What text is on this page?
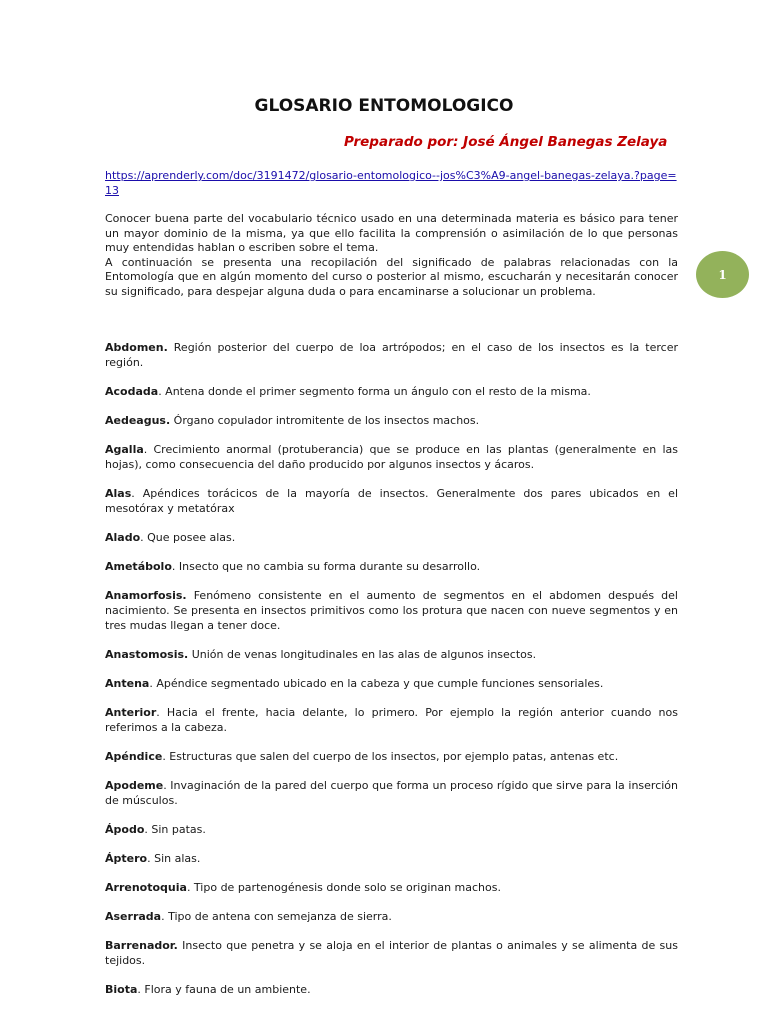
GLOSARIO ENTOMOLOGICO
Preparado por: José Ángel Banegas Zelaya
https://aprenderly.com/doc/3191472/glosario-entomologico--jos%C3%A9-angel-banegas-zelaya.?page=13

Conocer buena parte del vocabulario técnico usado en una determinada materia es básico para tener un mayor dominio de la misma, ya que ello facilita la comprensión o asimilación de lo que personas muy entendidas hablan o escriben sobre el tema.

A continuación se presenta una recopilación del significado de palabras relacionadas con la Entomología que en algún momento del curso o posterior al mismo, escucharán y necesitarán conocer su significado, para despejar alguna duda o para encaminarse a solucionar un problema.

1

Abdomen. Región posterior del cuerpo de loa artrópodos; en el caso de los insectos es la tercer región.

Acodada. Antena donde el primer segmento forma un ángulo con el resto de la misma.

Aedeagus. Órgano copulador intromitente de los insectos machos.

Agalla. Crecimiento anormal (protuberancia) que se produce en las plantas (generalmente en las hojas), como consecuencia del daño producido por algunos insectos y ácaros.

Alas. Apéndices torácicos de la mayoría de insectos. Generalmente dos pares ubicados en el mesotórax y metatórax

Alado. Que posee alas.

Ametábolo. Insecto que no cambia su forma durante su desarrollo.

Anamorfosis. Fenómeno consistente en el aumento de segmentos en el abdomen después del nacimiento. Se presenta en insectos primitivos como los protura que nacen con nueve segmentos y en tres mudas llegan a tener doce.

Anastomosis. Unión de venas longitudinales en las alas de algunos insectos.

Antena. Apéndice segmentado ubicado en la cabeza y que cumple funciones sensoriales.

Anterior. Hacia el frente, hacia delante, lo primero. Por ejemplo la región anterior cuando nos referimos a la cabeza.

Apéndice. Estructuras que salen del cuerpo de los insectos, por ejemplo patas, antenas etc.

Apodeme. Invaginación de la pared del cuerpo que forma un proceso rígido que sirve para la inserción de músculos.

Ápodo. Sin patas.

Áptero. Sin alas.

Arrenotoquia. Tipo de partenogénesis donde solo se originan machos.

Aserrada. Tipo de antena con semejanza de sierra.

Barrenador. Insecto que penetra y se aloja en el interior de plantas o animales y se alimenta de sus tejidos.

Biota. Flora y fauna de un ambiente.
